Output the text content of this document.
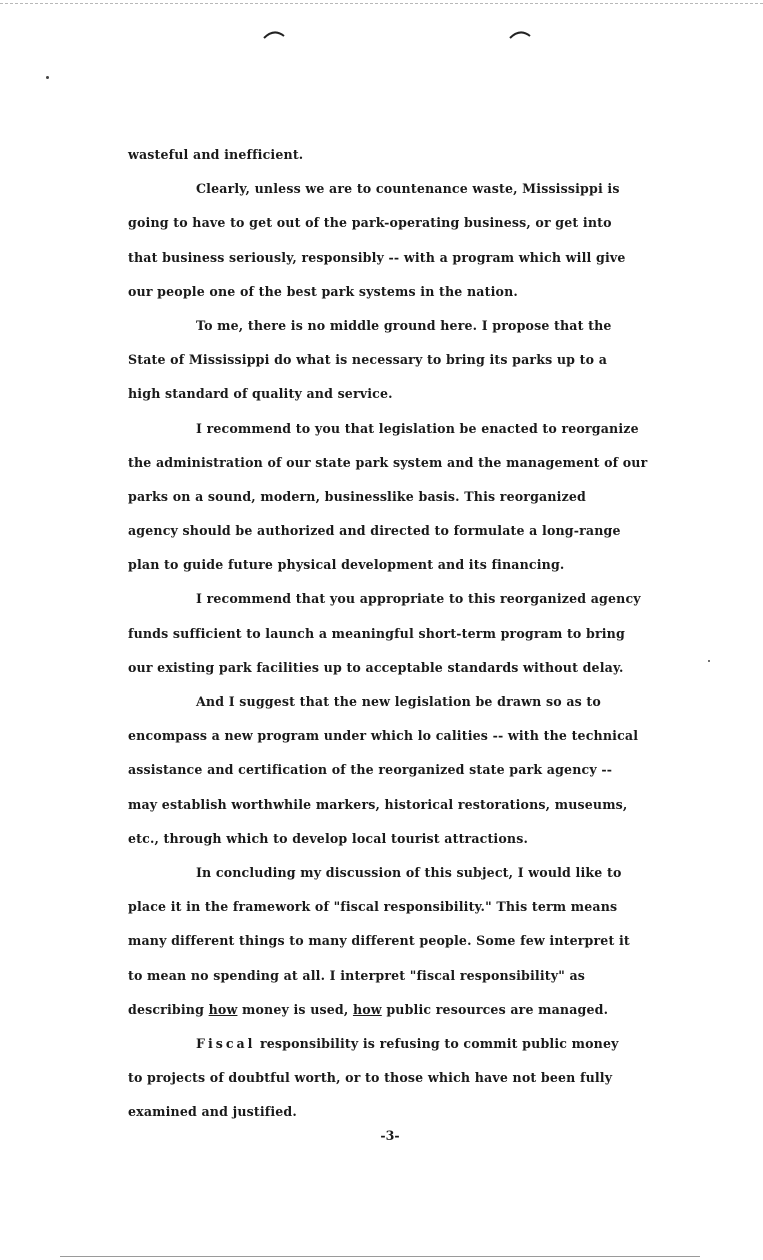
wasteful and inefficient.
Clearly, unless we are to countenance waste, Mississippi is
going to have to get out of the park-operating business, or get into
that business seriously, responsibly -- with a program which will give
our people one of the best park systems in the nation.
To me, there is no middle ground here. I propose that the
State of Mississippi do what is necessary to bring its parks up to a
high standard of quality and service.
I recommend to you that legislation be enacted to reorganize
the administration of our state park system and the management of our
parks on a sound, modern, businesslike basis. This reorganized
agency should be authorized and directed to formulate a long-range
plan to guide future physical development and its financing.
I recommend that you appropriate to this reorganized agency
funds sufficient to launch a meaningful short-term program to bring
our existing park facilities up to acceptable standards without delay.
And I suggest that the new legislation be drawn so as to
encompass a new program under which lo calities -- with the technical
assistance and certification of the reorganized state park agency --
may establish worthwhile markers, historical restorations, museums,
etc., through which to develop local tourist attractions.
In concluding my discussion of this subject, I would like to
place it in the framework of "fiscal responsibility." This term means
many different things to many different people. Some few interpret it
to mean no spending at all. I interpret "fiscal responsibility" as
describing how money is used, how public resources are managed.
Fiscal responsibility is refusing to commit public money
to projects of doubtful worth, or to those which have not been fully
examined and justified.
-3-
